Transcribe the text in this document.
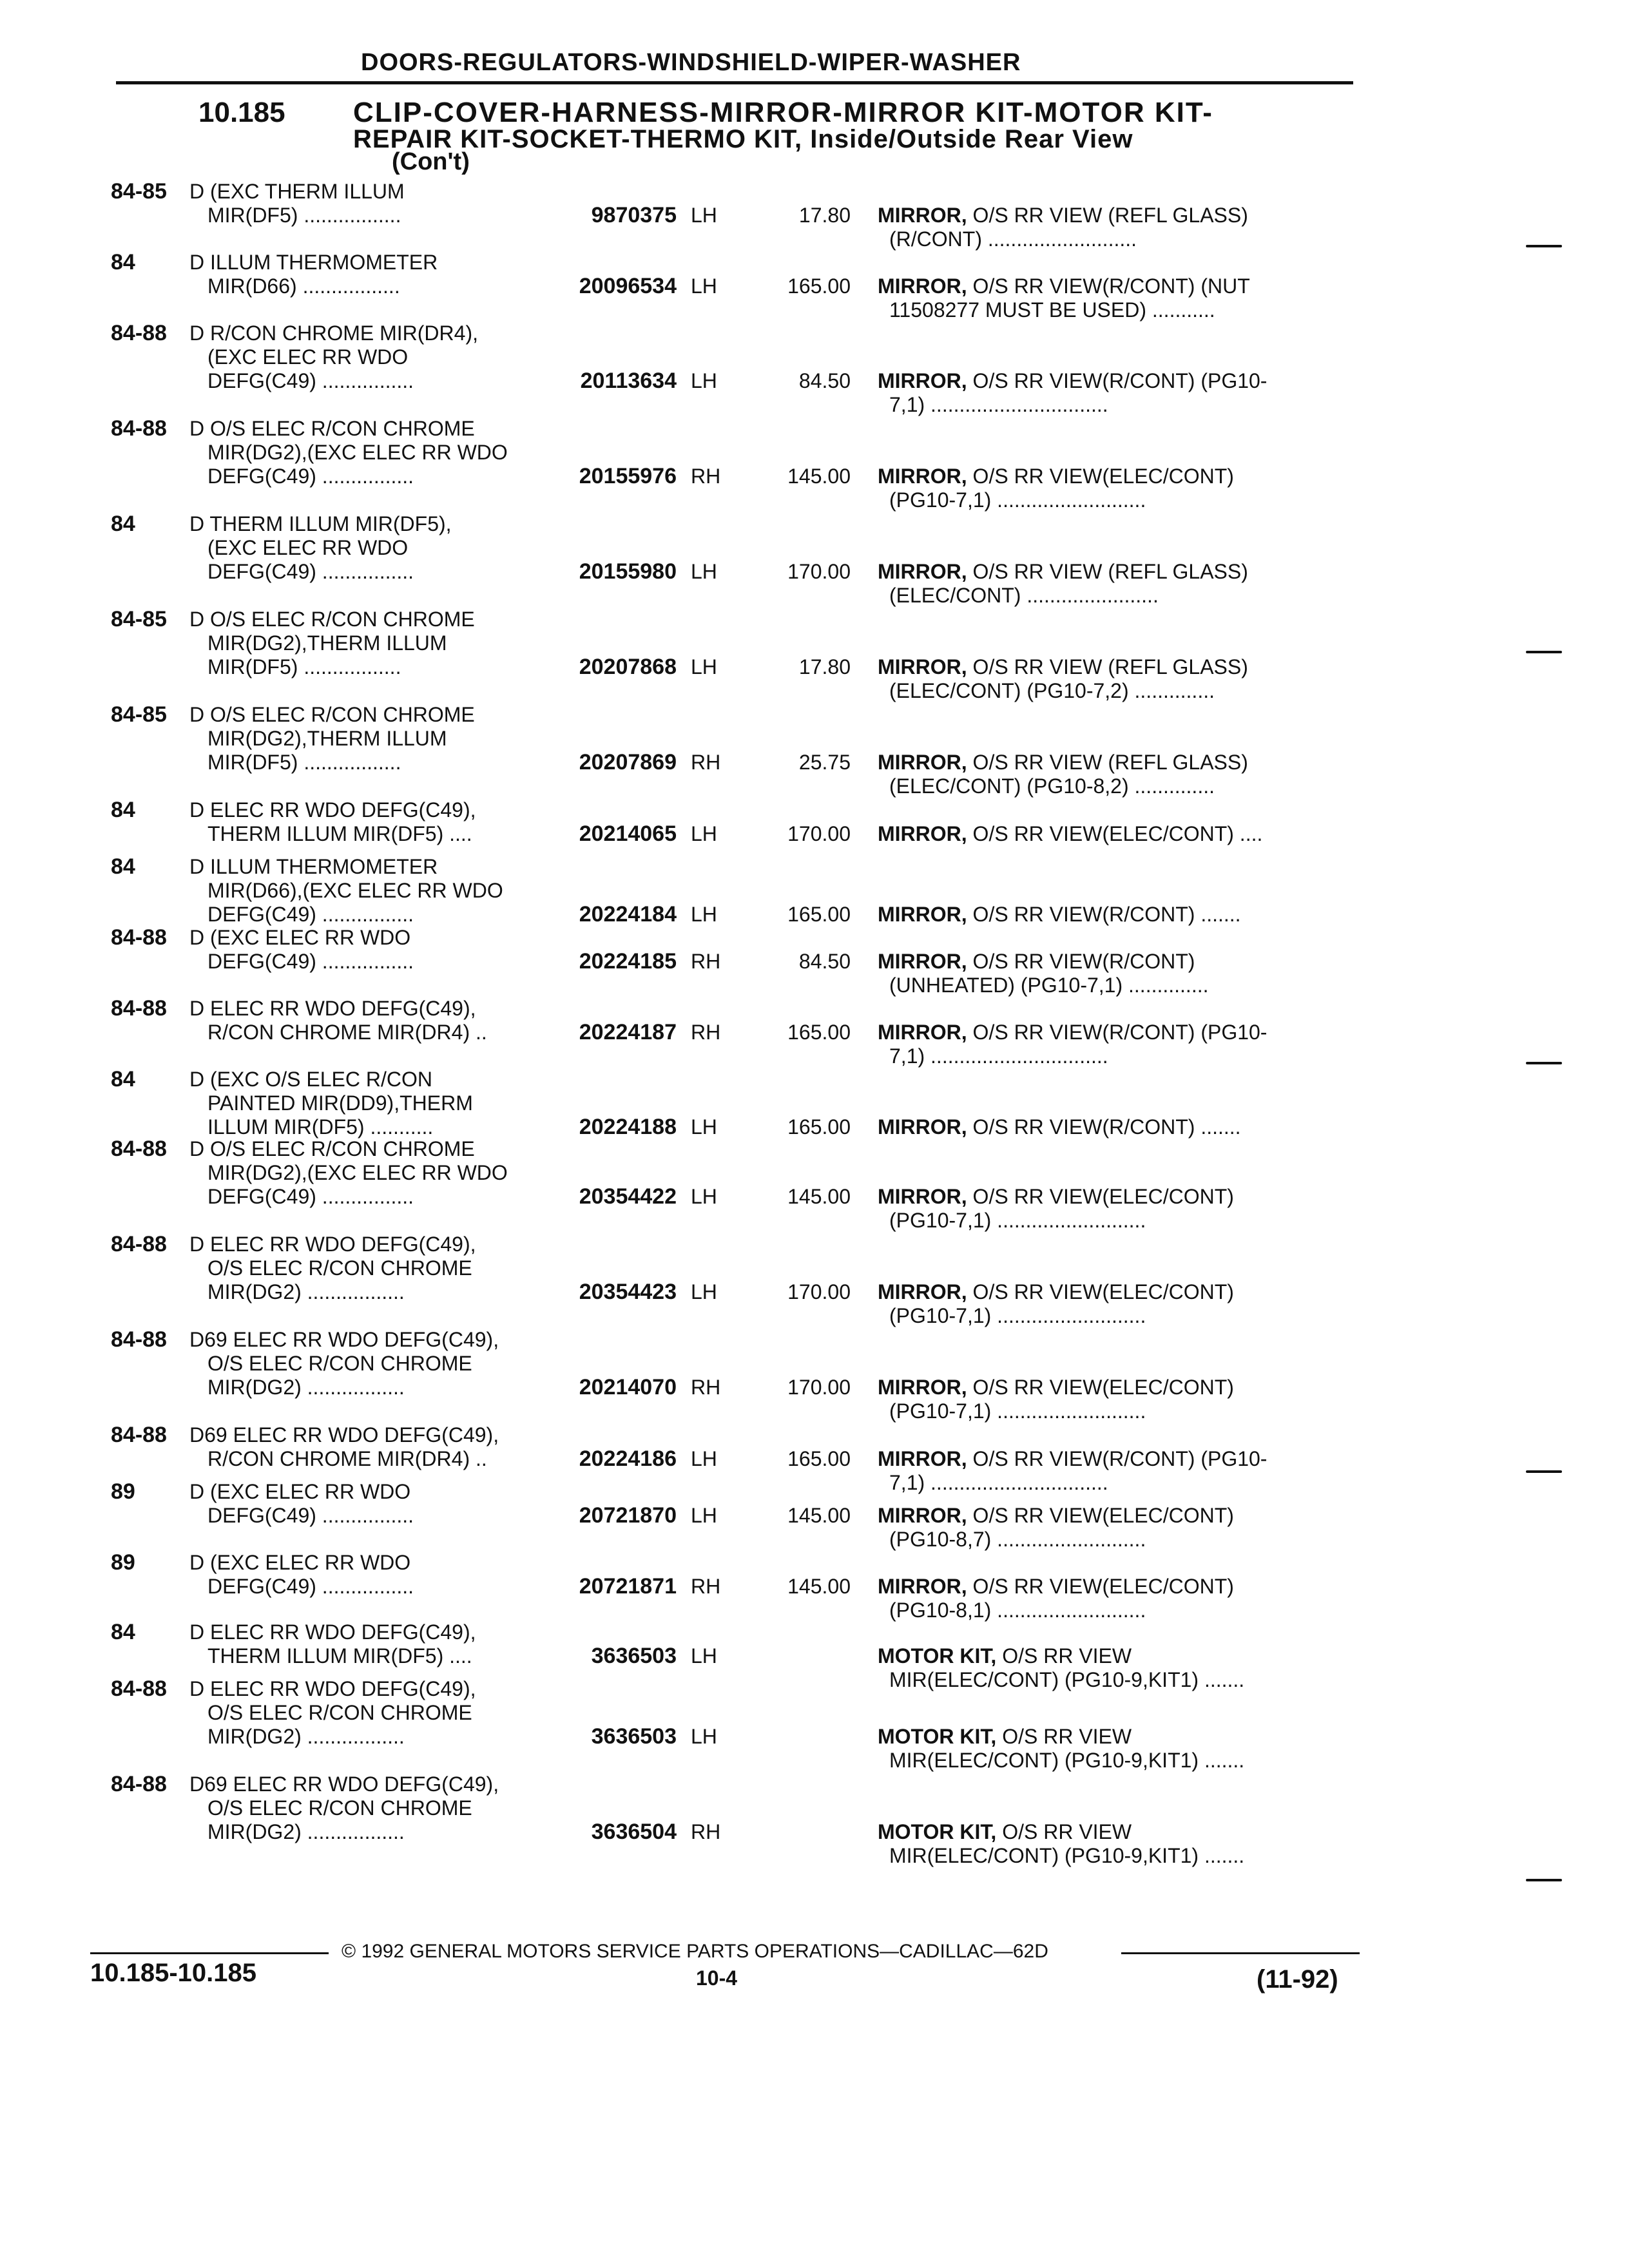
DOORS-REGULATORS-WINDSHIELD-WIPER-WASHER
10.185 CLIP-COVER-HARNESS-MIRROR-MIRROR KIT-MOTOR KIT-
REPAIR KIT-SOCKET-THERMO KIT, Inside/Outside Rear View
(Con't)
84-85 D (EXC THERM ILLUM
MIR(DF5) .................	9870375 LH	17.80 MIRROR, O/S RR VIEW (REFL GLASS)
(R/CONT) ..........................
84	D ILLUM THERMOMETER
MIR(D66) .................	20096534 LH	165.00 MIRROR, O/S RR VIEW(R/CONT) (NUT
11508277 MUST BE USED) ...........
84-88 D R/CON CHROME MIR(DR4),
(EXC ELEC RR WDO
DEFG(C49) ................	20113634 LH	84.50 MIRROR, O/S RR VIEW(R/CONT) (PG10-
7,1) ...............................
84-88 D O/S ELEC R/CON CHROME
MIR(DG2),(EXC ELEC RR WDO
DEFG(C49) ................	20155976 RH	145.00 MIRROR, O/S RR VIEW(ELEC/CONT)
(PG10-7,1) ..........................
84	D THERM ILLUM MIR(DF5),
(EXC ELEC RR WDO
DEFG(C49) ................	20155980 LH	170.00 MIRROR, O/S RR VIEW (REFL GLASS)
(ELEC/CONT) .......................
84-85 D O/S ELEC R/CON CHROME
MIR(DG2),THERM ILLUM
MIR(DF5) .................	20207868 LH	17.80 MIRROR, O/S RR VIEW (REFL GLASS)
(ELEC/CONT) (PG10-7,2) ..............
84-85 D O/S ELEC R/CON CHROME
MIR(DG2),THERM ILLUM
MIR(DF5) .................	20207869 RH	25.75 MIRROR, O/S RR VIEW (REFL GLASS)
(ELEC/CONT) (PG10-8,2) ..............
84	D ELEC RR WDO DEFG(C49),
THERM ILLUM MIR(DF5) ....	20214065 LH	170.00 MIRROR, O/S RR VIEW(ELEC/CONT) ....
84	D ILLUM THERMOMETER
MIR(D66),(EXC ELEC RR WDO
DEFG(C49) ................	20224184 LH	165.00 MIRROR, O/S RR VIEW(R/CONT) .......
84-88 D (EXC ELEC RR WDO
DEFG(C49) ................	20224185 RH	84.50 MIRROR, O/S RR VIEW(R/CONT)
(UNHEATED) (PG10-7,1) ..............
84-88 D ELEC RR WDO DEFG(C49),
R/CON CHROME MIR(DR4) ..	20224187 RH	165.00 MIRROR, O/S RR VIEW(R/CONT) (PG10-
7,1) ...............................
84	D (EXC O/S ELEC R/CON
PAINTED MIR(DD9),THERM
ILLUM MIR(DF5) ...........	20224188 LH	165.00 MIRROR, O/S RR VIEW(R/CONT) .......
84-88 D O/S ELEC R/CON CHROME
MIR(DG2),(EXC ELEC RR WDO
DEFG(C49) ................	20354422 LH	145.00 MIRROR, O/S RR VIEW(ELEC/CONT)
(PG10-7,1) ..........................
84-88 D ELEC RR WDO DEFG(C49),
O/S ELEC R/CON CHROME
MIR(DG2) .................	20354423 LH	170.00 MIRROR, O/S RR VIEW(ELEC/CONT)
(PG10-7,1) ..........................
84-88 D69 ELEC RR WDO DEFG(C49),
O/S ELEC R/CON CHROME
MIR(DG2) .................	20214070 RH	170.00 MIRROR, O/S RR VIEW(ELEC/CONT)
(PG10-7,1) ..........................
84-88 D69 ELEC RR WDO DEFG(C49),
R/CON CHROME MIR(DR4) ..	20224186 LH	165.00 MIRROR, O/S RR VIEW(R/CONT) (PG10-
7,1) ...............................
89	D (EXC ELEC RR WDO
DEFG(C49) ................	20721870 LH	145.00 MIRROR, O/S RR VIEW(ELEC/CONT)
(PG10-8,7) ..........................
89	D (EXC ELEC RR WDO
DEFG(C49) ................	20721871 RH	145.00 MIRROR, O/S RR VIEW(ELEC/CONT)
(PG10-8,1) ..........................
84	D ELEC RR WDO DEFG(C49),
THERM ILLUM MIR(DF5) ....	3636503 LH	MOTOR KIT, O/S RR VIEW
MIR(ELEC/CONT) (PG10-9,KIT1) .......
84-88 D ELEC RR WDO DEFG(C49),
O/S ELEC R/CON CHROME
MIR(DG2) .................	3636503 LH	MOTOR KIT, O/S RR VIEW
MIR(ELEC/CONT) (PG10-9,KIT1) .......
84-88 D69 ELEC RR WDO DEFG(C49),
O/S ELEC R/CON CHROME
MIR(DG2) .................	3636504 RH	MOTOR KIT, O/S RR VIEW
MIR(ELEC/CONT) (PG10-9,KIT1) .......
© 1992 GENERAL MOTORS SERVICE PARTS OPERATIONS—CADILLAC—62D
10.185-10.185	10-4	(11-92)
